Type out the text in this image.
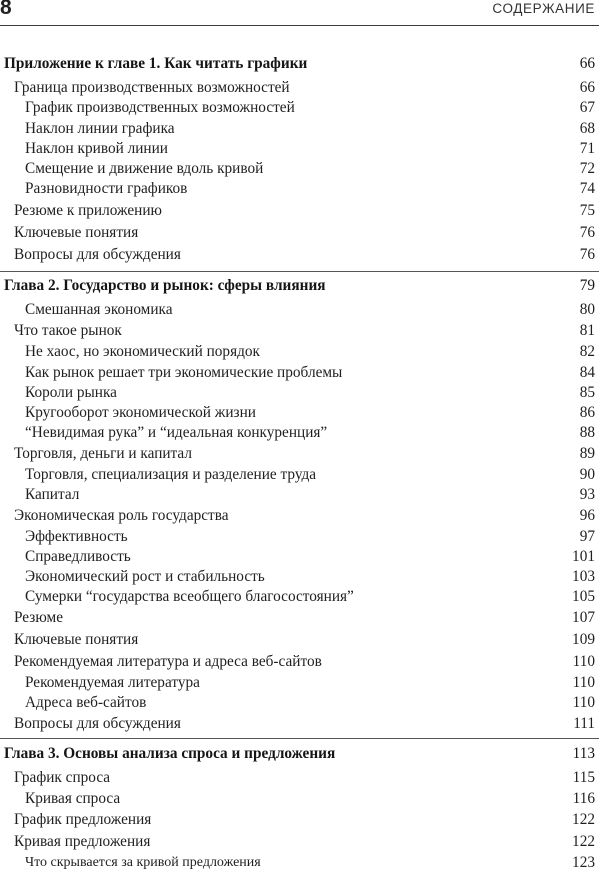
8	СОДЕРЖАНИЕ
Приложение к главе 1. Как читать графики	66
Граница производственных возможностей	66
График производственных возможностей	67
Наклон линии графика	68
Наклон кривой линии	71
Смещение и движение вдоль кривой	72
Разновидности графиков	74
Резюме к приложению	75
Ключевые понятия	76
Вопросы для обсуждения	76
Глава 2. Государство и рынок: сферы влияния	79
Смешанная экономика	80
Что такое рынок	81
Не хаос, но экономический порядок	82
Как рынок решает три экономические проблемы	84
Короли рынка	85
Кругооборот экономической жизни	86
“Невидимая рука” и “идеальная конкуренция”	88
Торговля, деньги и капитал	89
Торговля, специализация и разделение труда	90
Капитал	93
Экономическая роль государства	96
Эффективность	97
Справедливость	101
Экономический рост и стабильность	103
Сумерки “государства всеобщего благосостояния”	105
Резюме	107
Ключевые понятия	109
Рекомендуемая литература и адреса веб-сайтов	110
Рекомендуемая литература	110
Адреса веб-сайтов	110
Вопросы для обсуждения	111
Глава 3. Основы анализа спроса и предложения	113
График спроса	115
Кривая спроса	116
График предложения	122
Кривая предложения	122
Что скрывается за кривой предложения	123
